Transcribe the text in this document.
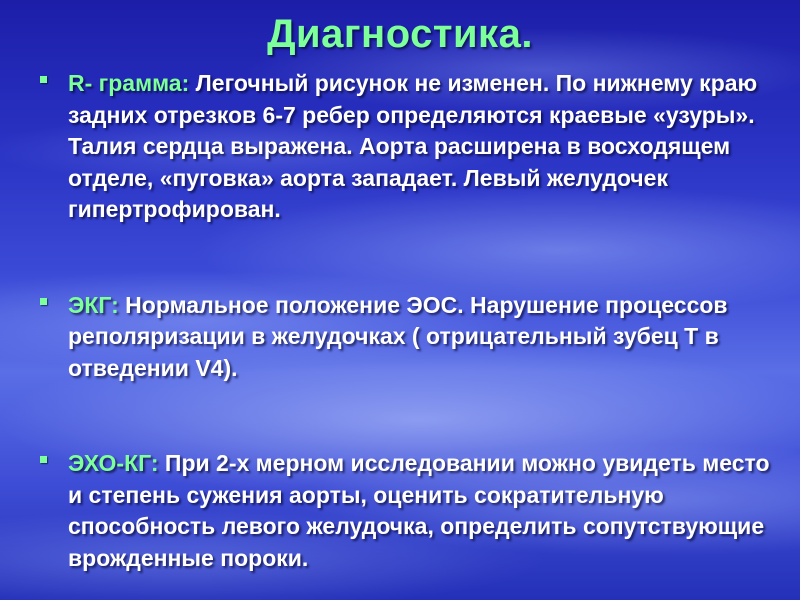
Диагностика.
R- грамма: Легочный рисунок не изменен. По нижнему краю задних отрезков 6-7 ребер определяются краевые «узуры». Талия сердца выражена. Аорта расширена в восходящем отделе, «пуговка» аорта западает. Левый желудочек гипертрофирован.
ЭКГ: Нормальное положение ЭОС. Нарушение процессов реполяризации в желудочках ( отрицательный зубец Т в отведении V4).
ЭХО-КГ: При 2-х мерном исследовании можно увидеть место и степень сужения аорты, оценить сократительную способность левого желудочка, определить сопутствующие врожденные пороки.
